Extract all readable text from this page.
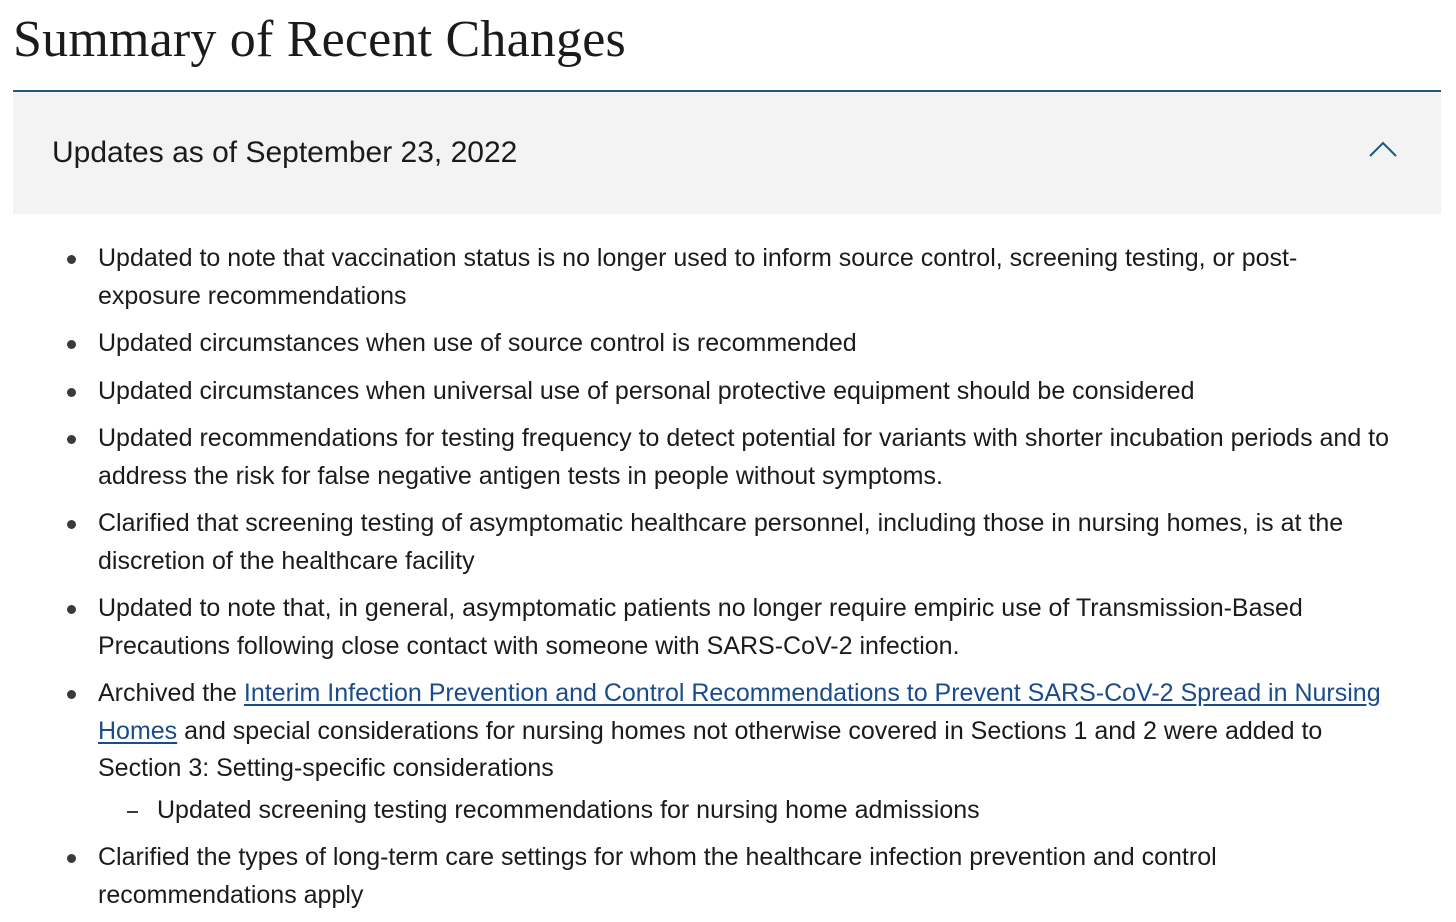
Summary of Recent Changes
Updates as of September 23, 2022
Updated to note that vaccination status is no longer used to inform source control, screening testing, or post-exposure recommendations
Updated circumstances when use of source control is recommended
Updated circumstances when universal use of personal protective equipment should be considered
Updated recommendations for testing frequency to detect potential for variants with shorter incubation periods and to address the risk for false negative antigen tests in people without symptoms.
Clarified that screening testing of asymptomatic healthcare personnel, including those in nursing homes, is at the discretion of the healthcare facility
Updated to note that, in general, asymptomatic patients no longer require empiric use of Transmission-Based Precautions following close contact with someone with SARS-CoV-2 infection.
Archived the Interim Infection Prevention and Control Recommendations to Prevent SARS-CoV-2 Spread in Nursing Homes and special considerations for nursing homes not otherwise covered in Sections 1 and 2 were added to Section 3: Setting-specific considerations
Updated screening testing recommendations for nursing home admissions
Clarified the types of long-term care settings for whom the healthcare infection prevention and control recommendations apply
